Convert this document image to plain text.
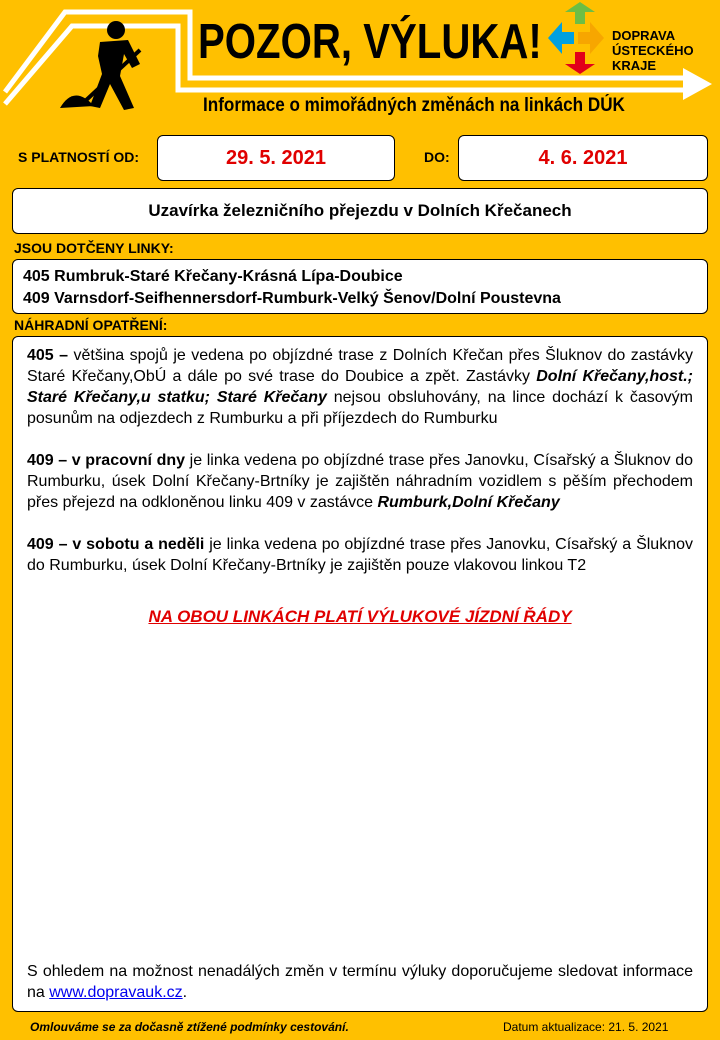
POZOR, VÝLUKA!	DOPRAVA
ÚSTECKÉHO
KRAJE
Informace o mimořádných změnách na linkách DÚK
S PLATNOSTÍ OD:	29. 5. 2021	DO:	4. 6. 2021
Uzavírka železničního přejezdu v Dolních Křečanech
JSOU DOTČENY LINKY:
405 Rumbruk-Staré Křečany-Krásná Lípa-Doubice
409 Varnsdorf-Seifhennersdorf-Rumburk-Velký Šenov/Dolní Poustevna
NÁHRADNÍ OPATŘENÍ:

405 – většina spojů je vedena po objízdné trase z Dolních Křečan přes Šluknov do zastávky Staré Křečany,ObÚ a dále po své trase do Doubice a zpět. Zastávky Dolní Křečany,host.; Staré Křečany,u statku; Staré Křečany nejsou obsluhovány, na lince dochází k časovým posunům na odjezdech z Rumburku a při příjezdech do Rumburku

409 – v pracovní dny je linka vedena po objízdné trase přes Janovku, Císařský a Šluknov do Rumburku, úsek Dolní Křečany-Brtníky je zajištěn náhradním vozidlem s pěším přechodem přes přejezd na odkloněnou linku 409 v zastávce Rumburk,Dolní Křečany

409 – v sobotu a neděli je linka vedena po objízdné trase přes Janovku, Císařský a Šluknov do Rumburku, úsek Dolní Křečany-Brtníky je zajištěn pouze vlakovou linkou T2

NA OBOU LINKÁCH PLATÍ VÝLUKOVÉ JÍZDNÍ ŘÁDY
S ohledem na možnost nenadálých změn v termínu výluky doporučujeme sledovat informace na www.dopravauk.cz.
Omlouváme se za dočasně ztížené podmínky cestování.	Datum aktualizace: 21. 5. 2021
